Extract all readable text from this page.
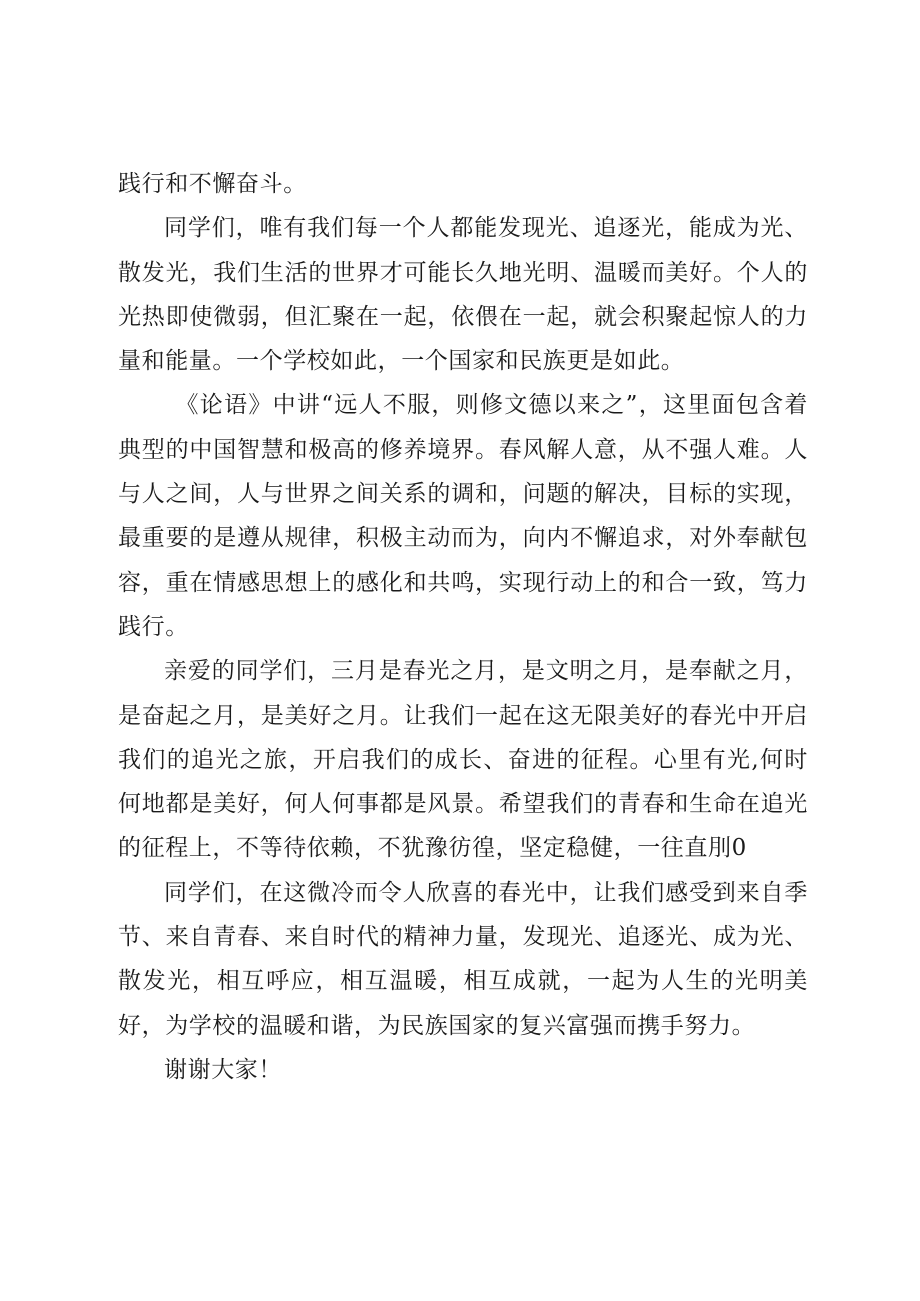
践行和不懈奋斗。

同学们，唯有我们每一个人都能发现光、追逐光，能成为光、散发光，我们生活的世界才可能长久地光明、温暖而美好。个人的光热即使微弱，但汇聚在一起，依偎在一起，就会积聚起惊人的力量和能量。一个学校如此，一个国家和民族更是如此。

《论语》中讲“远人不服，则修文德以来之”，这里面包含着典型的中国智慧和极高的修养境界。春风解人意，从不强人难。人与人之间，人与世界之间关系的调和，问题的解决，目标的实现，最重要的是遵从规律，积极主动而为，向内不懈追求，对外奉献包容，重在情感思想上的感化和共鸣，实现行动上的和合一致，笃力践行。

亲爱的同学们，三月是春光之月，是文明之月，是奉献之月，是奋起之月，是美好之月。让我们一起在这无限美好的春光中开启我们的追光之旅，开启我们的成长、奋进的征程。心里有光,何时何地都是美好，何人何事都是风景。希望我们的青春和生命在追光的征程上，不等待依赖，不犹豫彷徨，坚定稳健，一往直刖0

同学们，在这微冷而令人欣喜的春光中，让我们感受到来自季节、来自青春、来自时代的精神力量，发现光、追逐光、成为光、散发光，相互呼应，相互温暖，相互成就，一起为人生的光明美好，为学校的温暖和谐，为民族国家的复兴富强而携手努力。

谢谢大家！
